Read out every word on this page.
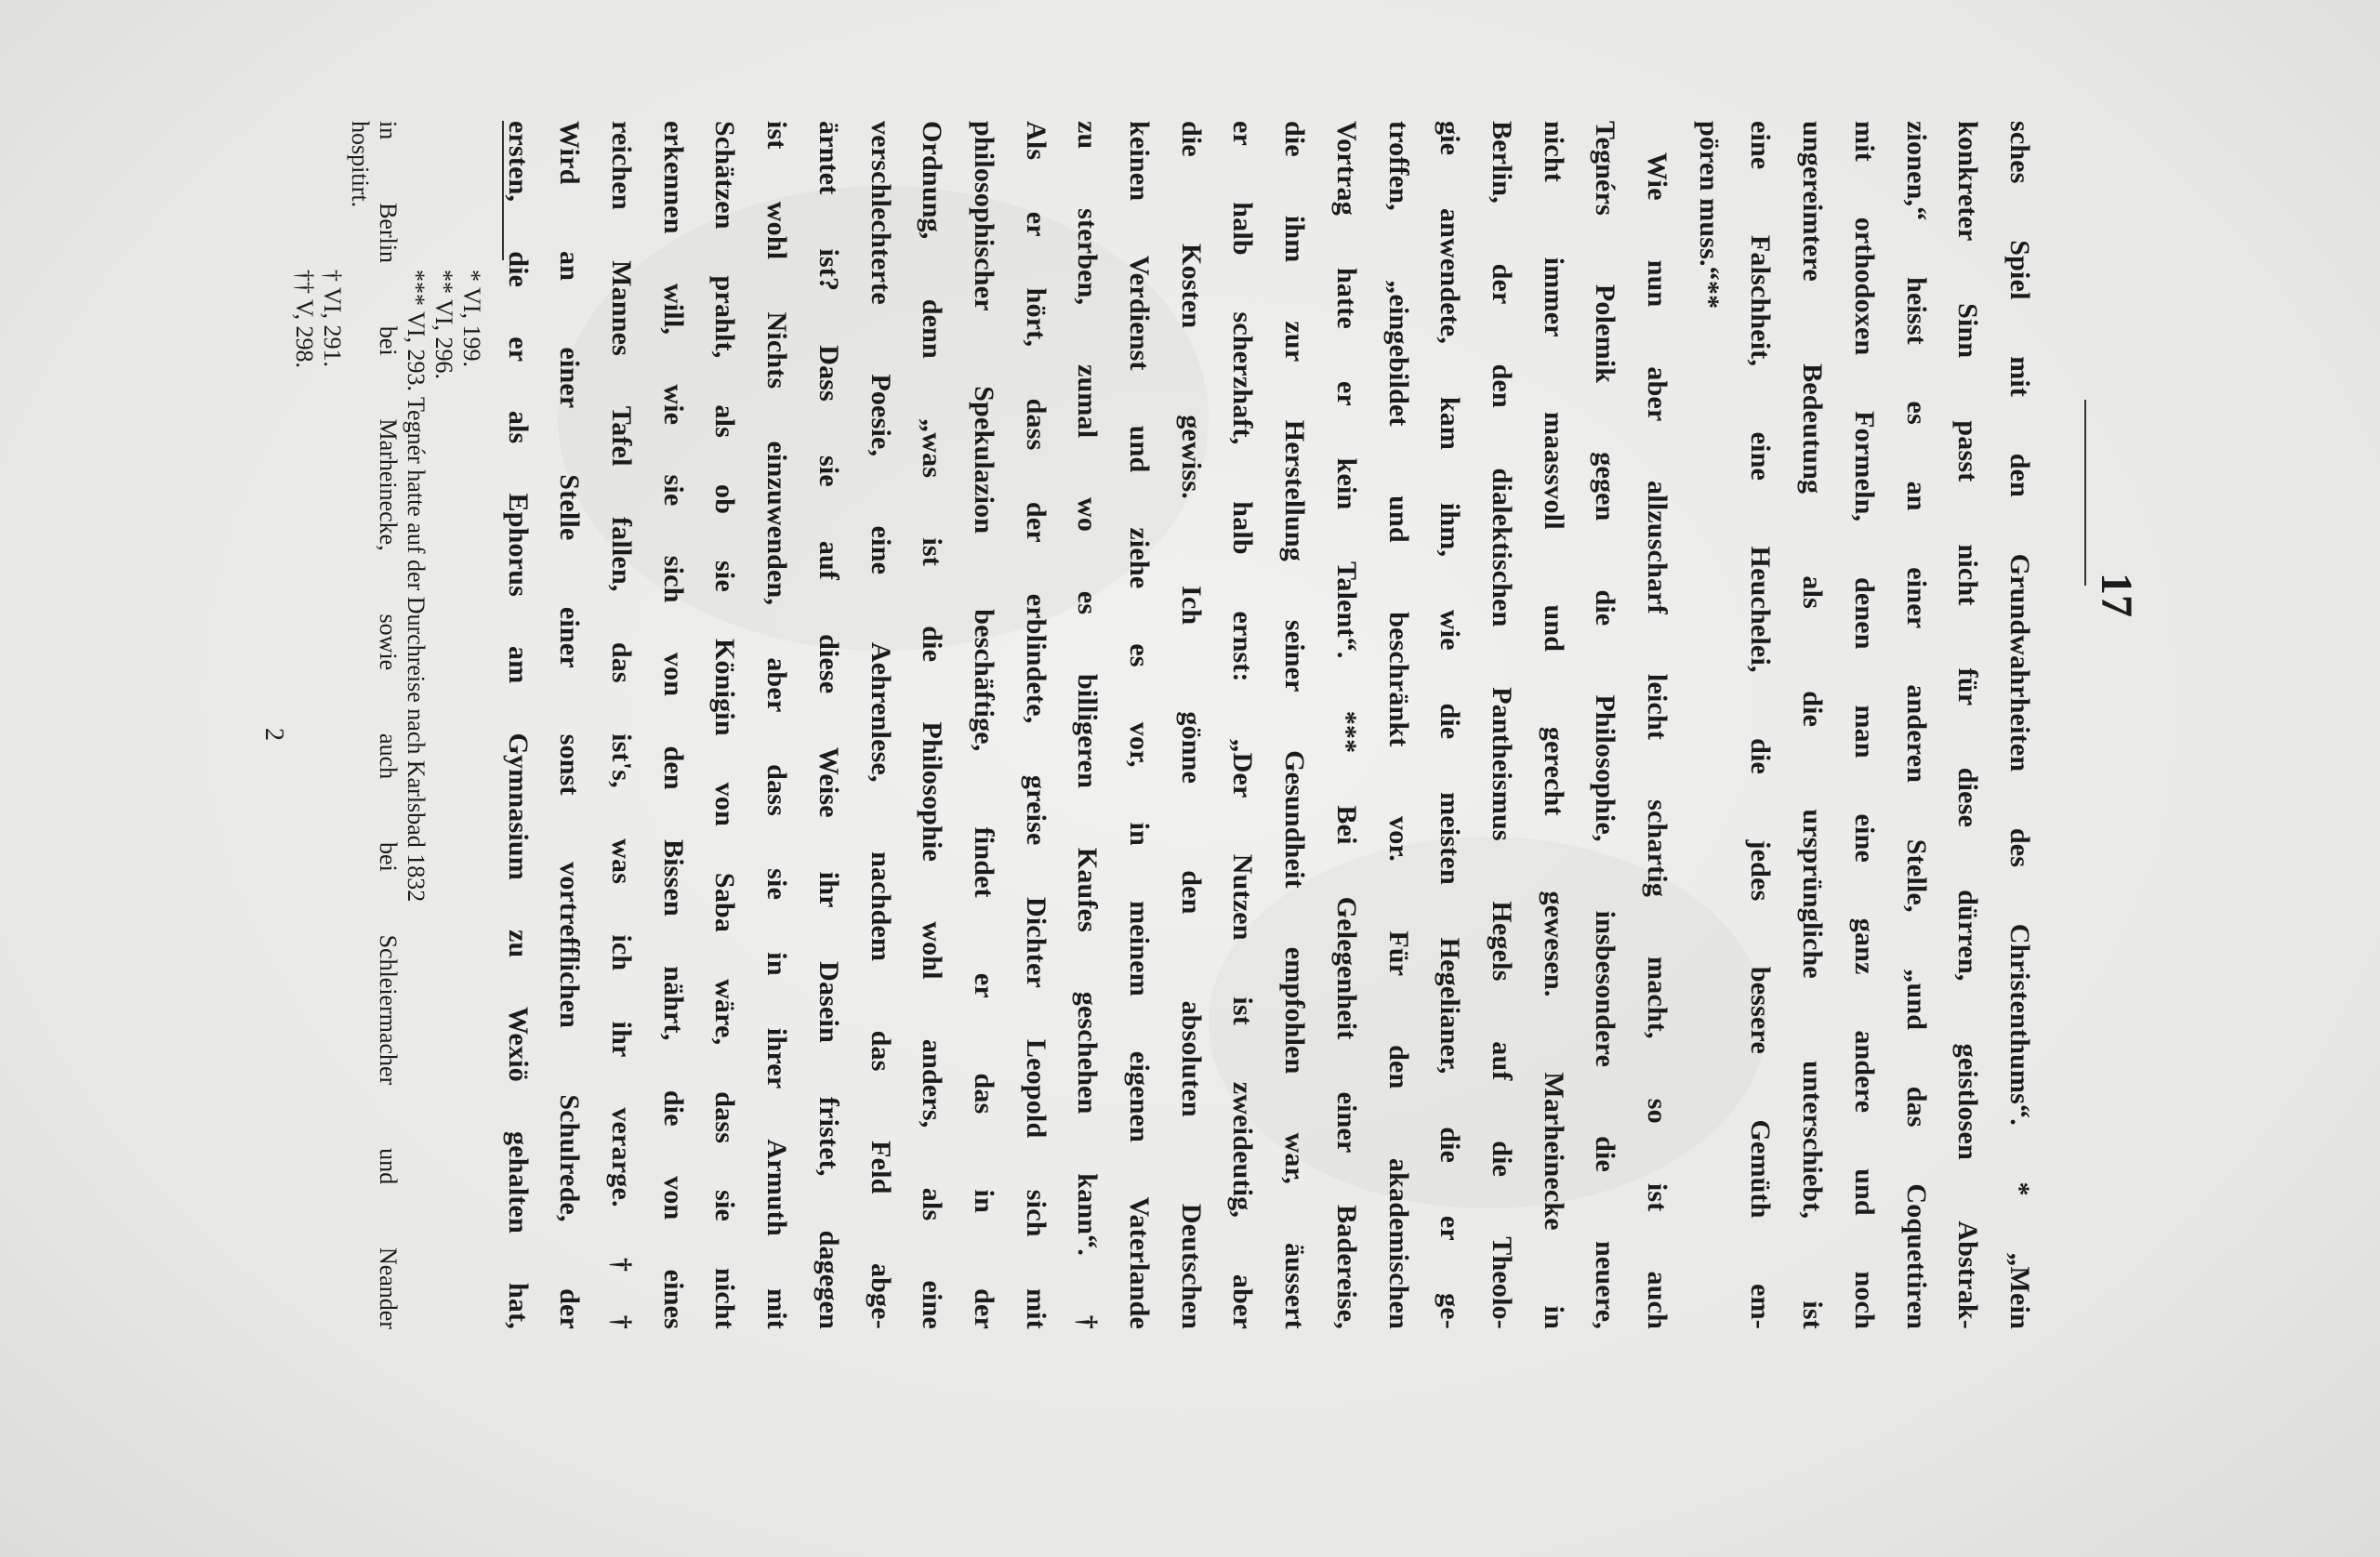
17
sches Spiel mit den Grundwahrheiten des Christenthums“. * „Mein
konkreter Sinn passt nicht für diese dürren, geistlosen Abstrak-
zionen,“ heisst es an einer anderen Stelle, „und das Coquettiren
mit orthodoxen Formeln, denen man eine ganz andere und noch
ungereimtere Bedeutung als die ursprüngliche unterschiebt, ist
eine Falschheit, eine Heuchelei, die jedes bessere Gemüth em-
pören muss.“**
Wie nun aber allzuscharf leicht schartig macht, so ist auch
Tegnérs Polemik gegen die Philosophie, insbesondere die neuere,
nicht immer maassvoll und gerecht gewesen. Marheinecke in
Berlin, der den dialektischen Pantheismus Hegels auf die Theolo-
gie anwendete, kam ihm, wie die meisten Hegelianer, die er ge-
troffen, „eingebildet und beschränkt vor. Für den akademischen
Vortrag hatte er kein Talent“. *** Bei Gelegenheit einer Badereise,
die ihm zur Herstellung seiner Gesundheit empfohlen war, äussert
er halb scherzhaft, halb ernst: „Der Nutzen ist zweideutig, aber
die Kosten gewiss. Ich gönne den absoluten Deutschen
keinen Verdienst und ziehe es vor, in meinem eigenen Vaterlande
zu sterben, zumal wo es billigeren Kaufes geschehen kann“. †
Als er hört, dass der erblindete, greise Dichter Leopold sich mit
philosophischer Spekulazion beschäftige, findet er das in der
Ordnung, denn „was ist die Philosophie wohl anders, als eine
verschlechterte Poesie, eine Aehrenlese, nachdem das Feld abge-
ärntet ist? Dass sie auf diese Weise ihr Dasein fristet, dagegen
ist wohl Nichts einzuwenden, aber dass sie in ihrer Armuth mit
Schätzen prahlt, als ob sie Königin von Saba wäre, dass sie nicht
erkennen will, wie sie sich von den Bissen nährt, die von eines
reichen Mannes Tafel fallen, das ist's, was ich ihr verarge. ††
Wird an einer Stelle einer sonst vortrefflichen Schulrede, der
ersten, die er als Ephorus am Gymnasium zu Wexiö gehalten hat,
* VI, 199.
** VI, 296.
*** VI, 293. Tegnér hatte auf der Durchreise nach Karlsbad 1832
in Berlin bei Marheinecke, sowie auch bei Schleiermacher und Neander
hospitirt.
† VI, 291.
†† V, 298.
2
